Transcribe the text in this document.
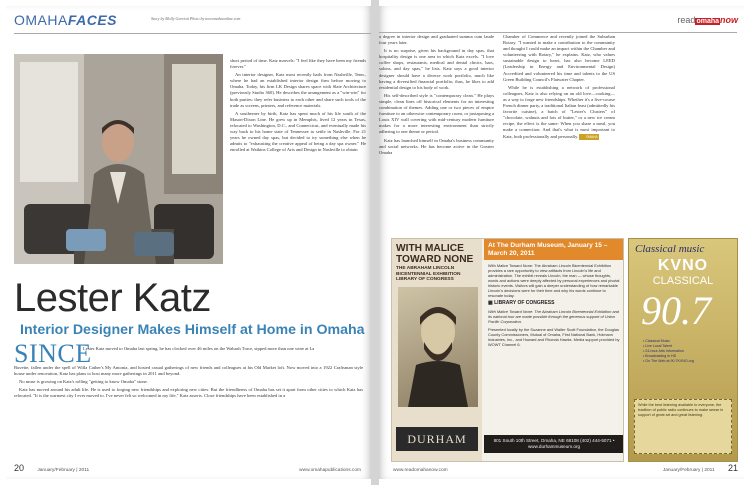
OMAHAFACES	Story by Molly Garriott Photo by nowomahaonline.com

short period of time. Katz marvels: "I feel like they have been my friends forever."

An interior designer, Katz most recently hails from Nashville, Tenn., where he had an established interior design firm before moving to Omaha. Today, his firm LK Design shares space with Slate Architecture (previously Studio 360). He describes the arrangement as a "win-win" for both parties: they refer business to each other and share such tools of the trade as screens, printers, and reference materials.

A southerner by birth, Katz has spent much of his life south of the Mason-Dixon Line. He grew up in Memphis, lived 12 years in Texas, relocated to Washington, D.C., and Connecticut, and eventually made his way back to his home state of Tennessee to settle in Nashville. For 21 years he owned day spas, but decided to try something else when he admits to "exhausting the creative appeal of being a day spa owner." He enrolled at Watkins College of Arts and Design in Nashville to obtain

Lester Katz
Interior Designer Makes Himself at Home in Omaha
SINCE

Lester Katz moved to Omaha last spring, he has clocked over 46 miles on the Wabash Trace, sipped more than one wine at La

Buvette, fallen under the spell of Willa Cather's My Antonia, and hosted casual gatherings of new friends and colleagues at his Old Market loft. Now moved into a 1922 Craftsman style house under renovation, Katz has plans to host many more gatherings in 2011 and beyond.

No muse is growing on Katz's rolling "getting to know Omaha" stone.

Katz has moved around his adult life. He is used to forging new friendships and exploring new cities. But the friendliness of Omaha has set it apart from other cities to which Katz has relocated. "It is the warmest city I ever moved to. I've never felt so welcomed in my life," Katz asserts. Close friendships have been established in a

20	January/February | 2011	www.omahapublications.com
readomahanow

a degree in interior design and graduated summa cum laude four years later.

It is no surprise, given his background in day spas, that hospitality design is one area in which Katz excels. "I love coffee shops, restaurants, medical and dental clinics, bars, salons, and day spas," he lists. Katz says a good interior designer should have a diverse work portfolio, much like having a diversified financial portfolio; thus, he likes to add residential design to his body of work.

His self-described style is "contemporary clean." He plays simple, clean lines off historical elements for an interesting combination of themes. Adding one or two pieces of empire furniture to an otherwise contemporary room, or juxtaposing a Louis XIV wall covering with mid-century modern furniture makes for a more interesting environment than strictly adhering to one theme or period.

Katz has launched himself in Omaha's business community and social networks. He has become active in the Greater Omaha

Chamber of Commerce and recently joined the Suburban Rotary. "I wanted to make a contribution to the community and thought I could make an impact within the Chamber and volunteering with Rotary," he explains. Katz, who values sustainable design to heart, has also become LEED (Leadership in Energy and Environmental Design) Accredited and volunteered his time and talents to the US Green Building Council's Flatwater Chapter.

While he is establishing a network of professional colleagues, Katz is also relying on an old love—cooking—as a way to forge new friendships. Whether it's a five-course French dinner party, a traditional Italian feast (admittedly his favorite cuisine), a batch of "Lester's Clusters" of "chocolate, walnuts and lots of butter," or a new ice cream recipe, the effect is the same: When you share a meal, you make a connection. And that's what is most important to Katz, both professionally and personally. OMAHA

WITH MALICE TOWARD NONE
THE ABRAHAM LINCOLN BICENTENNIAL EXHIBITION
LIBRARY OF CONGRESS
DURHAM
At The Durham Museum, January 15 – March 20, 2011

With Malice Toward None: The Abraham Lincoln Bicentennial Exhibition provides a rare opportunity to view artifacts from Lincoln's life and administration. The exhibit reveals Lincoln, the man — whose thoughts, words and actions were deeply affected by personal experiences and pivotal historic events. Visitors will gain a deeper understanding of how remarkable Lincoln's decisions were for their time and why his words continue to resonate today.

▦ LIBRARY OF CONGRESS

With Malice Toward None: The Abraham Lincoln Bicentennial Exhibition and its national tour are made possible through the generous support of Union Pacific Corporation.

Presented locally by the Suzanne and Walter Scott Foundation, the Douglas County Commissioners, Mutual of Omaha, First National Bank, Holmann Industries, Inc., and Howard and Rhonda Hawks. Media support provided by WOWT Channel 6.

801 South 10th Street, Omaha, NE 68108 (402) 444-5071 • www.durhammuseum.org
Classical music
KVNO
CLASSICAL
90.7
• Classical Music
• Live Local Talent
• 24-hour Arts Information
• Broadcasting in HD
• On The Web at 90.7KVNO.org
While the best listening available to everyone, the tradition of public radio continues to make sense in support of great art and great listening.
www.readomahanow.com	January/February | 2011 21
